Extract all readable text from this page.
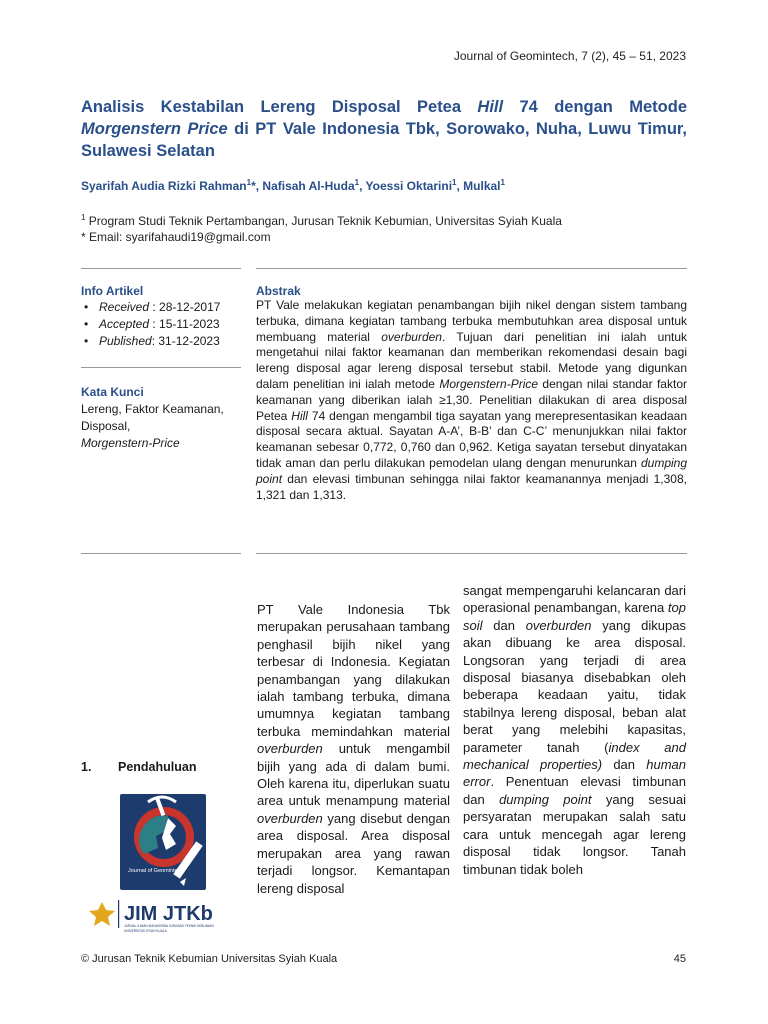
Journal of Geomintech, 7 (2), 45 – 51, 2023
Analisis Kestabilan Lereng Disposal Petea Hill 74 dengan Metode Morgenstern Price di PT Vale Indonesia Tbk, Sorowako, Nuha, Luwu Timur, Sulawesi Selatan
Syarifah Audia Rizki Rahman$^1$*, Nafisah Al-Huda$^1$, Yoessi Oktarini$^1$, Mulkal$^1$
$^1$ Program Studi Teknik Pertambangan, Jurusan Teknik Kebumian, Universitas Syiah Kuala
* Email: syarifahaudi19@gmail.com
Info Artikel
• Received : 28-12-2017
• Accepted : 15-11-2023
• Published: 31-12-2023
Kata Kunci
Lereng, Faktor Keamanan, Disposal,
Morgenstern-Price
Abstrak

PT Vale melakukan kegiatan penambangan bijih nikel dengan sistem tambang terbuka, dimana kegiatan tambang terbuka membutuhkan area disposal untuk membuang material overburden. Tujuan dari penelitian ini ialah untuk mengetahui nilai faktor keamanan dan memberikan rekomendasi desain bagi lereng disposal agar lereng disposal tersebut stabil. Metode yang digunkan dalam penelitian ini ialah metode Morgenstern-Price dengan nilai standar faktor keamanan yang diberikan ialah ≥1,30. Penelitian dilakukan di area disposal Petea Hill 74 dengan mengambil tiga sayatan yang merepresentasikan keadaan disposal secara aktual. Sayatan A-A’, B-B’ dan C-C’ menunjukkan nilai faktor keamanan sebesar 0,772, 0,760 dan 0,962. Ketiga sayatan tersebut dinyatakan tidak aman dan perlu dilakukan pemodelan ulang dengan menurunkan dumping point dan elevasi timbunan sehingga nilai faktor keamanannya menjadi 1,308, 1,321 dan 1,313.

1. Pendahuluan

PT Vale Indonesia Tbk merupakan perusahaan tambang penghasil bijih nikel yang terbesar di Indonesia. Kegiatan penambangan yang dilakukan ialah tambang terbuka, dimana umumnya kegiatan tambang terbuka memindahkan material overburden untuk mengambil bijih yang ada di dalam bumi. Oleh karena itu, diperlukan suatu area untuk menampung material overburden yang disebut dengan area disposal. Area disposal merupakan area yang rawan terjadi longsor. Kemantapan lereng disposal

sangat mempengaruhi kelancaran dari operasional penambangan, karena top soil dan overburden yang dikupas akan dibuang ke area disposal. Longsoran yang terjadi di area disposal biasanya disebabkan oleh beberapa keadaan yaitu, tidak stabilnya lereng disposal, beban alat berat yang melebihi kapasitas, parameter tanah (index and mechanical properties) dan human error. Penentuan elevasi timbunan dan dumping point yang sesuai persyaratan merupakan salah satu cara untuk mencegah agar lereng disposal tidak longsor. Tanah timbunan tidak boleh

Journal of Geomintech
JIM JTKb
JURNAL ILMIAH MAHASISWA JURUSAN TEKNIK KEBUMIAN
UNIVERSITAS SYIAH KUALA
© Jurusan Teknik Kebumian Universitas Syiah Kuala	45
